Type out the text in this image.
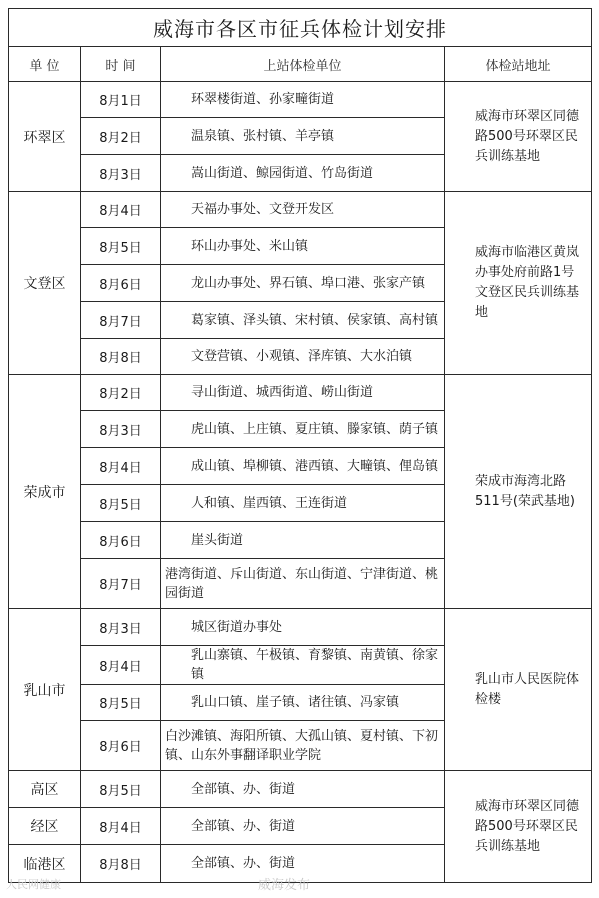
威海市各区市征兵体检计划安排			
单 位	时 间	上站体检单位	体检站地址
环翠区	8月1日	环翠楼街道、孙家疃街道	威海市环翠区同德路500号环翠区民兵训练基地
	8月2日	温泉镇、张村镇、羊亭镇	
	8月3日	嵩山街道、鲸园街道、竹岛街道	
文登区	8月4日	天福办事处、文登开发区	威海市临港区黄岚办事处府前路1号文登区民兵训练基地
	8月5日	环山办事处、米山镇	
	8月6日	龙山办事处、界石镇、埠口港、张家产镇	
	8月7日	葛家镇、泽头镇、宋村镇、侯家镇、高村镇	
	8月8日	文登营镇、小观镇、泽库镇、大水泊镇	
荣成市	8月2日	寻山街道、城西街道、崂山街道	荣成市海湾北路511号(荣武基地)
	8月3日	虎山镇、上庄镇、夏庄镇、滕家镇、荫子镇	
	8月4日	成山镇、埠柳镇、港西镇、大疃镇、俚岛镇	
	8月5日	人和镇、崖西镇、王连街道	
	8月6日	崖头街道	
	8月7日	港湾街道、斥山街道、东山街道、宁津街道、桃园街道	
乳山市	8月3日	城区街道办事处	乳山市人民医院体检楼
	8月4日	乳山寨镇、午极镇、育黎镇、南黄镇、徐家镇	
	8月5日	乳山口镇、崖子镇、诸往镇、冯家镇	
	8月6日	白沙滩镇、海阳所镇、大孤山镇、夏村镇、下初镇、山东外事翻译职业学院	
高区	8月5日	全部镇、办、街道	威海市环翠区同德路500号环翠区民兵训练基地
经区	8月4日	全部镇、办、街道	
临港区	8月8日	全部镇、办、街道	
人民网健康	威海发布
